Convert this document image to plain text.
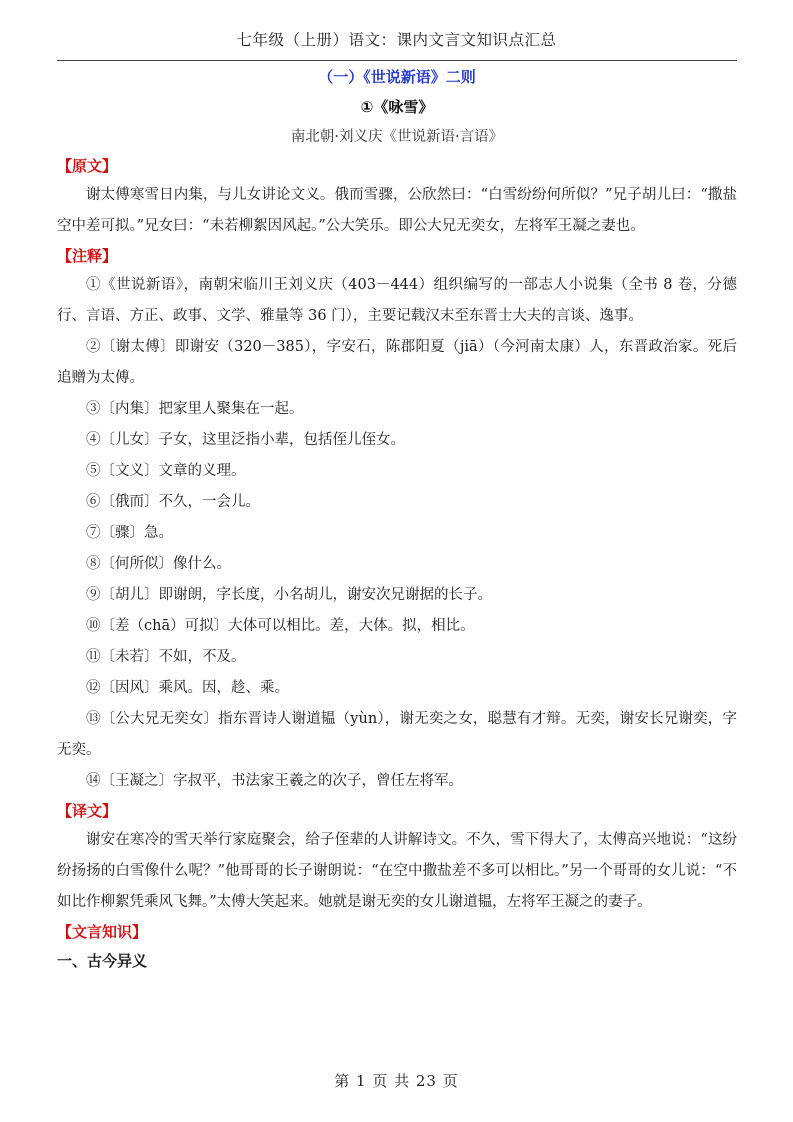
七年级（上册）语文：课内文言文知识点汇总
（一）《世说新语》二则
①《咏雪》
南北朝·刘义庆《世说新语·言语》
【原文】

谢太傅寒雪日内集，与儿女讲论文义。俄而雪骤，公欣然曰：“白雪纷纷何所似？”兄子胡儿曰：“撒盐空中差可拟。”兄女曰：“未若柳絮因风起。”公大笑乐。即公大兄无奕女，左将军王凝之妻也。

【注释】

①《世说新语》，南朝宋临川王刘义庆（403－444）组织编写的一部志人小说集（全书 8 卷，分德行、言语、方正、政事、文学、雅量等 36 门），主要记载汉末至东晋士大夫的言谈、逸事。

②〔谢太傅〕即谢安（320－385），字安石，陈郡阳夏（jiā）（今河南太康）人，东晋政治家。死后追赠为太傅。

③〔内集〕把家里人聚集在一起。

④〔儿女〕子女，这里泛指小辈，包括侄儿侄女。

⑤〔文义〕文章的义理。

⑥〔俄而〕不久，一会儿。

⑦〔骤〕急。

⑧〔何所似〕像什么。

⑨〔胡儿〕即谢朗，字长度，小名胡儿，谢安次兄谢据的长子。

⑩〔差（chā）可拟〕大体可以相比。差，大体。拟，相比。

⑪〔未若〕不如，不及。

⑫〔因风〕乘风。因，趁、乘。

⑬〔公大兄无奕女〕指东晋诗人谢道韫（yùn），谢无奕之女，聪慧有才辩。无奕，谢安长兄谢奕，字无奕。

⑭〔王凝之〕字叔平，书法家王羲之的次子，曾任左将军。

【译文】

谢安在寒冷的雪天举行家庭聚会，给子侄辈的人讲解诗文。不久，雪下得大了，太傅高兴地说：“这纷纷扬扬的白雪像什么呢？”他哥哥的长子谢朗说：“在空中撒盐差不多可以相比。”另一个哥哥的女儿说：“不如比作柳絮凭乘风飞舞。”太傅大笑起来。她就是谢无奕的女儿谢道韫，左将军王凝之的妻子。

【文言知识】
一、古今异义
第 1 页 共 23 页
